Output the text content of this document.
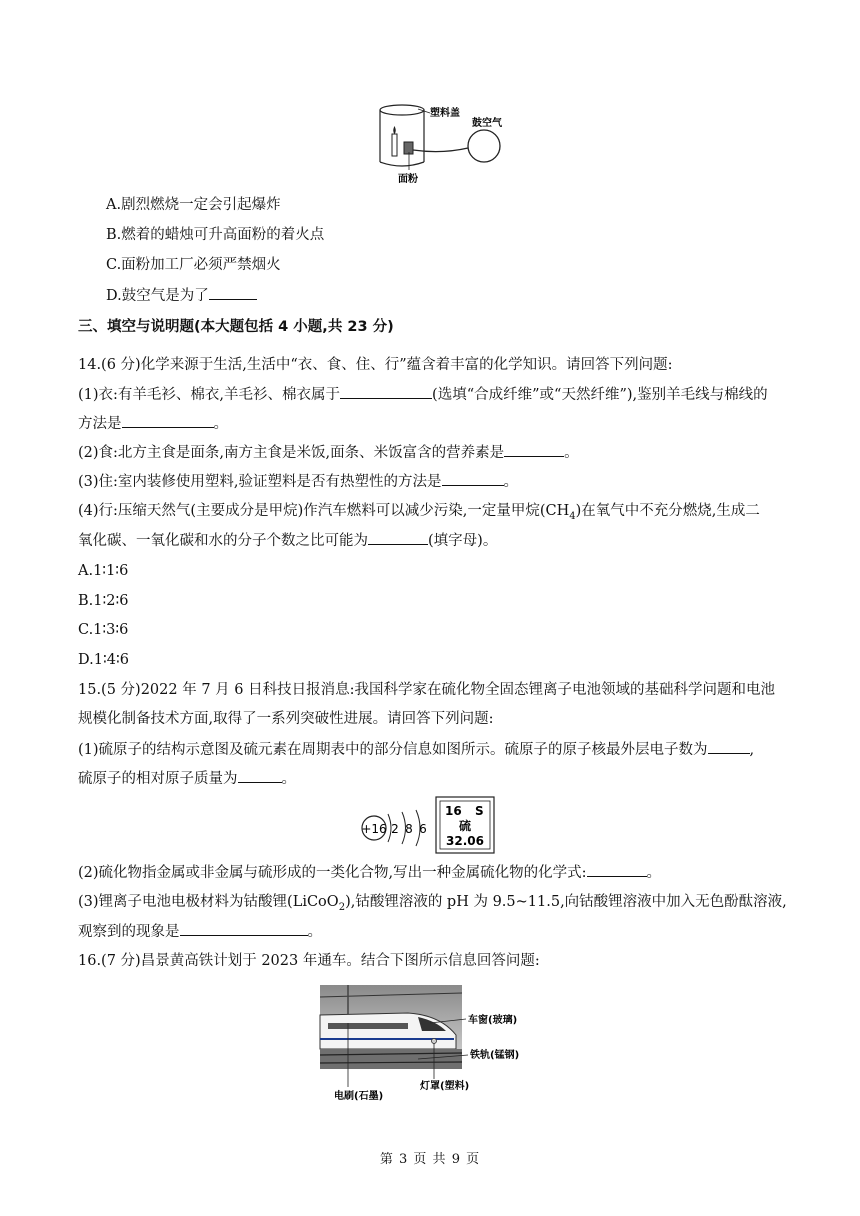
塑料盖
鼓空气
面粉
A.剧烈燃烧一定会引起爆炸
B.燃着的蜡烛可升高面粉的着火点
C.面粉加工厂必须严禁烟火
D.鼓空气是为了
三、填空与说明题(本大题包括 4 小题,共 23 分)
14.(6 分)化学来源于生活,生活中“衣、食、住、行”蕴含着丰富的化学知识。请回答下列问题:
(1)衣:有羊毛衫、棉衣,羊毛衫、棉衣属于	(选填“合成纤维”或“天然纤维”),鉴别羊毛线与棉线的
方法是	。
(2)食:北方主食是面条,南方主食是米饭,面条、米饭富含的营养素是	。
(3)住:室内装修使用塑料,验证塑料是否有热塑性的方法是	。
(4)行:压缩天然气(主要成分是甲烷)作汽车燃料可以减少污染,一定量甲烷$(CH_4)$在氧气中不充分燃烧,生成二
氧化碳、一氧化碳和水的分子个数之比可能为	(填字母)。
A.1∶1∶6
B.1∶2∶6
C.1∶3∶6
D.1∶4∶6
15.(5 分)2022 年 7 月 6 日科技日报消息:我国科学家在硫化物全固态锂离子电池领域的基础科学问题和电池
规模化制备技术方面,取得了一系列突破性进展。请回答下列问题:
(1)硫原子的结构示意图及硫元素在周期表中的部分信息如图所示。硫原子的原子核最外层电子数为	,
硫原子的相对原子质量为	。
+16 2 8 6
16 S
硫
32.06
(2)硫化物指金属或非金属与硫形成的一类化合物,写出一种金属硫化物的化学式:	。
(3)锂离子电池电极材料为钴酸锂(LiCoO$_2$),钴酸锂溶液的 pH 为 9.5~11.5,向钴酸锂溶液中加入无色酚酞溶液,
观察到的现象是	。
16.(7 分)昌景黄高铁计划于 2023 年通车。结合下图所示信息回答问题:
车窗(玻璃)
铁轨(锰钢)
灯罩(塑料)
电刷(石墨)
第 3 页 共 9 页
